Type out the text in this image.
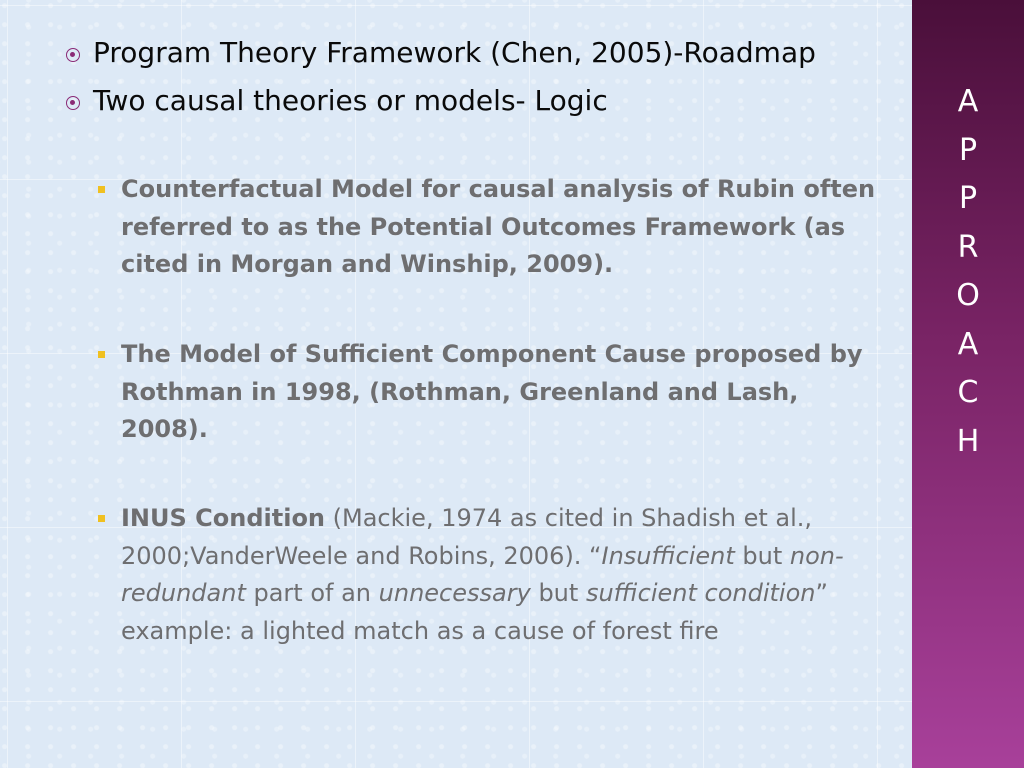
Program Theory Framework (Chen, 2005)-Roadmap
Two causal theories or models- Logic
Counterfactual Model for causal analysis of Rubin often referred to as the Potential Outcomes Framework (as cited in Morgan and Winship, 2009).
The Model of Sufficient Component Cause proposed by Rothman in 1998, (Rothman, Greenland and Lash, 2008).
INUS Condition (Mackie, 1974 as cited in Shadish et al., 2000;VanderWeele and Robins, 2006). “Insufficient but non-redundant part of an unnecessary but sufficient condition” example: a lighted match as a cause of forest fire
A
P
P
R
O
A
C
H
